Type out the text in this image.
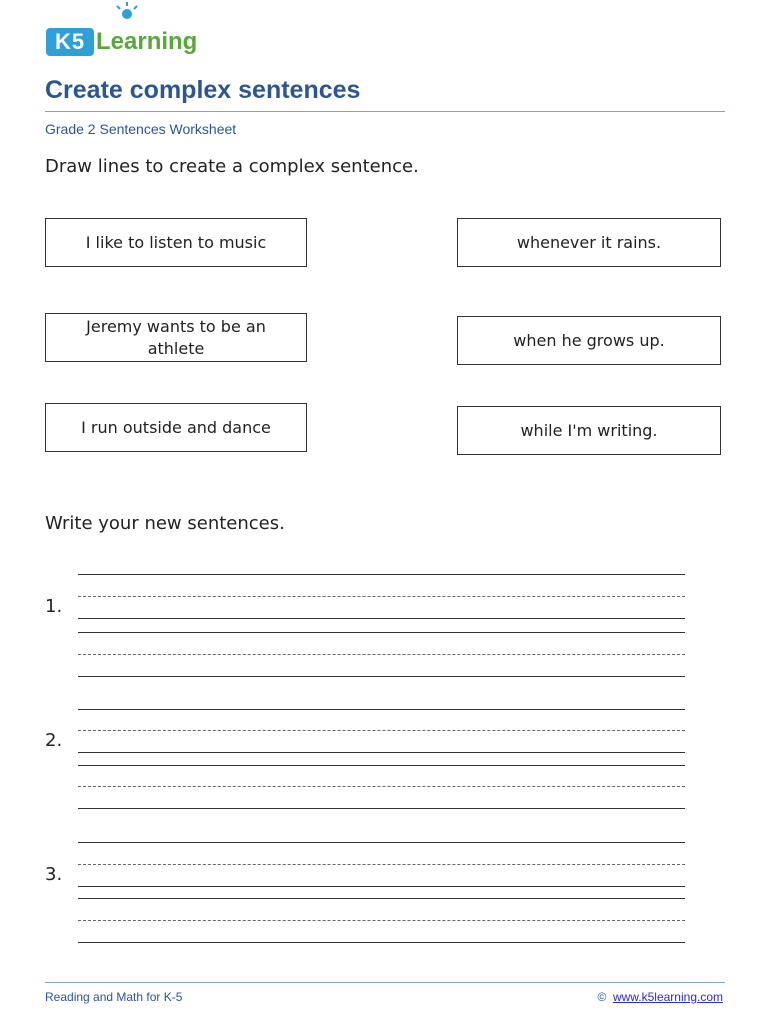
K5 Learning
Create complex sentences
Grade 2 Sentences Worksheet
Draw lines to create a complex sentence.
I like to listen to music
Jeremy wants to be an athlete
I run outside and dance
whenever it rains.
when he grows up.
while I'm writing.
Write your new sentences.
1.
2.
3.
Reading and Math for K-5	© www.k5learning.com
